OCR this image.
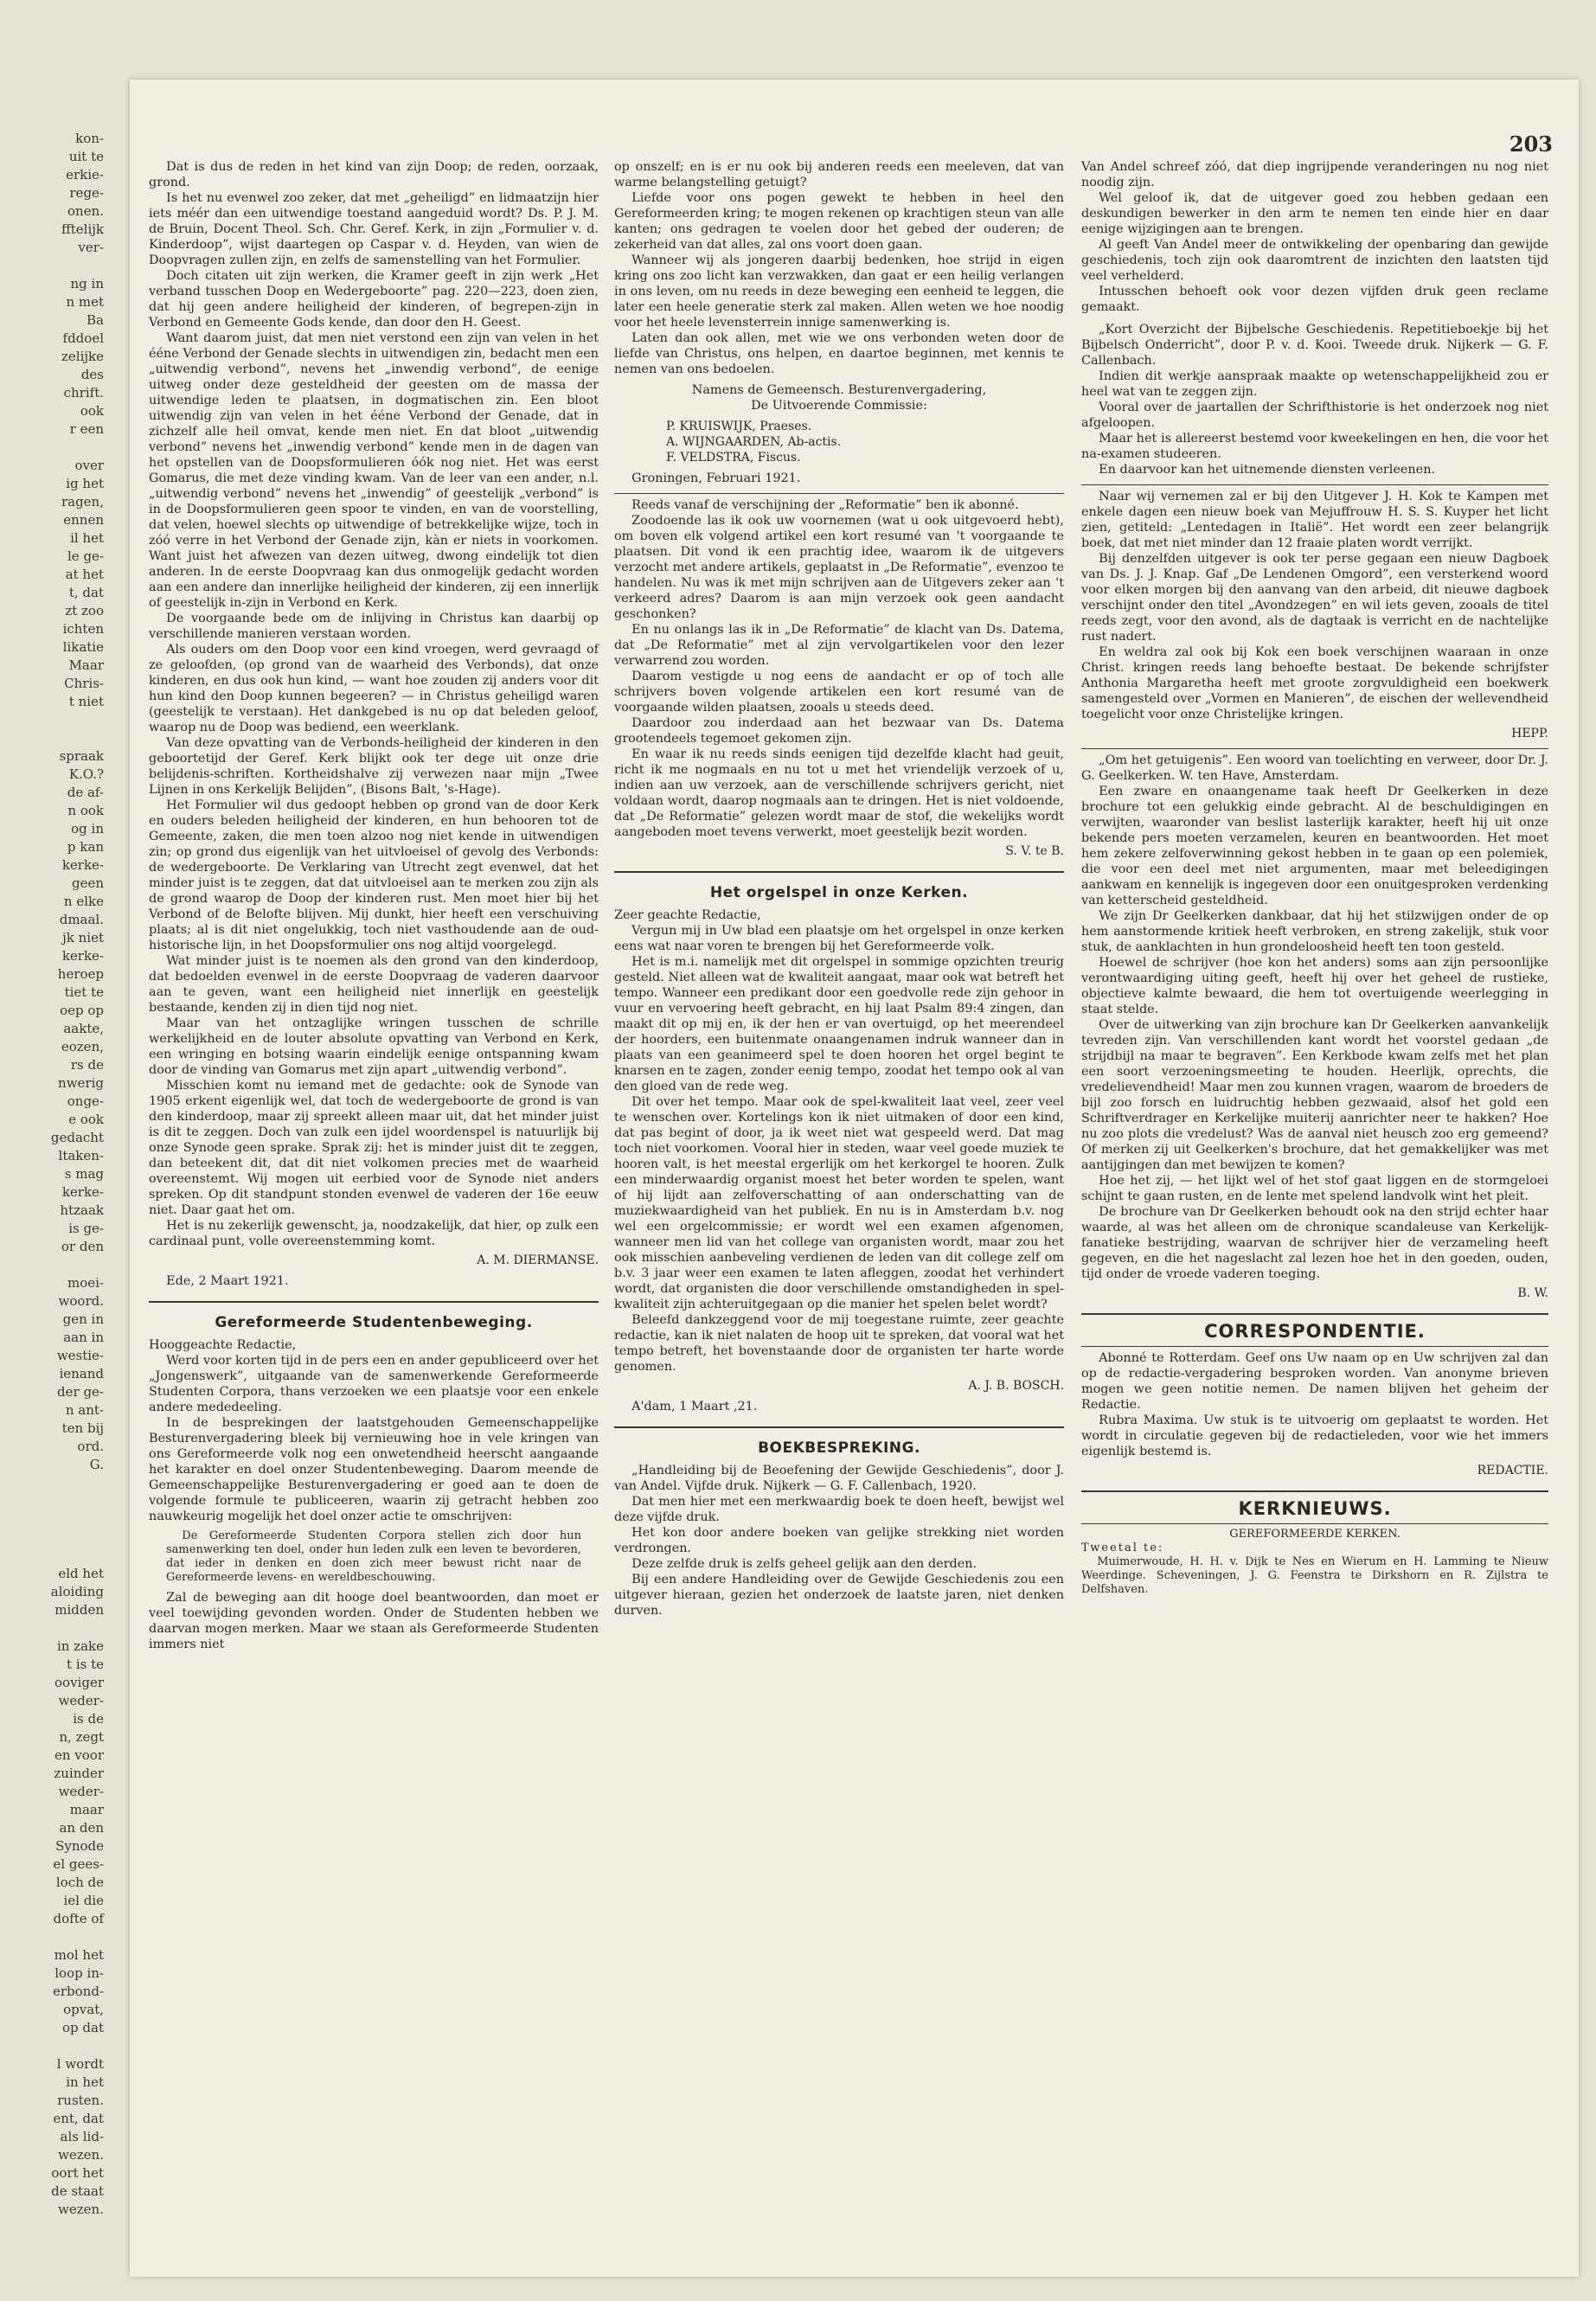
203

Dat is dus de reden in het kind van zijn Doop; de reden, oorzaak, grond.

Is het nu evenwel zoo zeker, dat met „geheiligd” en lidmaatzijn hier iets méér dan een uitwendige toestand aangeduid wordt? Ds. P. J. M. de Bruin, Docent Theol. Sch. Chr. Geref. Kerk, in zijn „Formulier v. d. Kinderdoop”, wijst daartegen op Caspar v. d. Heyden, van wien de Doopvragen zullen zijn, en zelfs de samenstelling van het Formulier.

Doch citaten uit zijn werken, die Kramer geeft in zijn werk „Het verband tusschen Doop en Wedergeboorte” pag. 220—223, doen zien, dat hij geen andere heiligheid der kinderen, of begrepen-zijn in Verbond en Gemeente Gods kende, dan door den H. Geest.

Want daarom juist, dat men niet verstond een zijn van velen in het ééne Verbond der Genade slechts in uitwendigen zin, bedacht men een „uitwendig verbond”, nevens het „inwendig verbond”, de eenige uitweg onder deze gesteldheid der geesten om de massa der uitwendige leden te plaatsen, in dogmatischen zin. Een bloot uitwendig zijn van velen in het ééne Verbond der Genade, dat in zichzelf alle heil omvat, kende men niet. En dat bloot „uitwendig verbond” nevens het „inwendig verbond” kende men in de dagen van het opstellen van de Doopsformulieren óók nog niet. Het was eerst Gomarus, die met deze vinding kwam. Van de leer van een ander, n.l. „uitwendig verbond” nevens het „inwendig” of geestelijk „verbond” is in de Doopsformulieren geen spoor te vinden, en van de voorstelling, dat velen, hoewel slechts op uitwendige of betrekkelijke wijze, toch in zóó verre in het Verbond der Genade zijn, kàn er niets in voorkomen. Want juist het afwezen van dezen uitweg, dwong eindelijk tot dien anderen. In de eerste Doopvraag kan dus onmogelijk gedacht worden aan een andere dan innerlijke heiligheid der kinderen, zij een innerlijk of geestelijk in-zijn in Verbond en Kerk.

De voorgaande bede om de inlijving in Christus kan daarbij op verschillende manieren verstaan worden.

Als ouders om den Doop voor een kind vroegen, werd gevraagd of ze geloofden, (op grond van de waarheid des Verbonds), dat onze kinderen, en dus ook hun kind, — want hoe zouden zij anders voor dit hun kind den Doop kunnen begeeren? — in Christus geheiligd waren (geestelijk te verstaan). Het dankgebed is nu op dat beleden geloof, waarop nu de Doop was bediend, een weerklank.

Van deze opvatting van de Verbonds-heiligheid der kinderen in den geboortetijd der Geref. Kerk blijkt ook ter dege uit onze drie belijdenis-schriften. Kortheidshalve zij verwezen naar mijn „Twee Lijnen in ons Kerkelijk Belijden”, (Bisons Balt, 's-Hage).

Het Formulier wil dus gedoopt hebben op grond van de door Kerk en ouders beleden heiligheid der kinderen, en hun behooren tot de Gemeente, zaken, die men toen alzoo nog niet kende in uitwendigen zin; op grond dus eigenlijk van het uitvloeisel of gevolg des Verbonds: de wedergeboorte. De Verklaring van Utrecht zegt evenwel, dat het minder juist is te zeggen, dat dat uitvloeisel aan te merken zou zijn als de grond waarop de Doop der kinderen rust. Men moet hier bij het Verbond of de Belofte blijven. Mij dunkt, hier heeft een verschuiving plaats; al is dit niet ongelukkig, toch niet vasthoudende aan de oud-historische lijn, in het Doopsformulier ons nog altijd voorgelegd.

Wat minder juist is te noemen als den grond van den kinderdoop, dat bedoelden evenwel in de eerste Doopvraag de vaderen daarvoor aan te geven, want een heiligheid niet innerlijk en geestelijk bestaande, kenden zij in dien tijd nog niet.

Maar van het ontzaglijke wringen tusschen de schrille werkelijkheid en de louter absolute opvatting van Verbond en Kerk, een wringing en botsing waarin eindelijk eenige ontspanning kwam door de vinding van Gomarus met zijn apart „uitwendig verbond”.

Misschien komt nu iemand met de gedachte: ook de Synode van 1905 erkent eigenlijk wel, dat toch de wedergeboorte de grond is van den kinderdoop, maar zij spreekt alleen maar uit, dat het minder juist is dit te zeggen. Doch van zulk een ijdel woordenspel is natuurlijk bij onze Synode geen sprake. Sprak zij: het is minder juist dit te zeggen, dan beteekent dit, dat dit niet volkomen precies met de waarheid overeenstemt. Wij mogen uit eerbied voor de Synode niet anders spreken. Op dit standpunt stonden evenwel de vaderen der 16e eeuw niet. Daar gaat het om.

Het is nu zekerlijk gewenscht, ja, noodzakelijk, dat hier, op zulk een cardinaal punt, volle overeenstemming komt.

A. M. DIERMANSE.

Ede, 2 Maart 1921.

Gereformeerde Studentenbeweging.

Hooggeachte Redactie,

Werd voor korten tijd in de pers een en ander gepubliceerd over het „Jongenswerk”, uitgaande van de samenwerkende Gereformeerde Studenten Corpora, thans verzoeken we een plaatsje voor een enkele andere mededeeling.

In de besprekingen der laatstgehouden Gemeenschappelijke Besturenvergadering bleek bij vernieuwing hoe in vele kringen van ons Gereformeerde volk nog een onwetendheid heerscht aangaande het karakter en doel onzer Studentenbeweging. Daarom meende de Gemeenschappelijke Besturenvergadering er goed aan te doen de volgende formule te publiceeren, waarin zij getracht hebben zoo nauwkeurig mogelijk het doel onzer actie te omschrijven:

De Gereformeerde Studenten Corpora stellen zich door hun samenwerking ten doel, onder hun leden zulk een leven te bevorderen, dat ieder in denken en doen zich meer bewust richt naar de Gereformeerde levens- en wereldbeschouwing.

Zal de beweging aan dit hooge doel beantwoorden, dan moet er veel toewijding gevonden worden. Onder de Studenten hebben we daarvan mogen merken. Maar we staan als Gereformeerde Studenten immers niet

op onszelf; en is er nu ook bij anderen reeds een meeleven, dat van warme belangstelling getuigt?

Liefde voor ons pogen gewekt te hebben in heel den Gereformeerden kring; te mogen rekenen op krachtigen steun van alle kanten; ons gedragen te voelen door het gebed der ouderen; de zekerheid van dat alles, zal ons voort doen gaan.

Wanneer wij als jongeren daarbij bedenken, hoe strijd in eigen kring ons zoo licht kan verzwakken, dan gaat er een heilig verlangen in ons leven, om nu reeds in deze beweging een eenheid te leggen, die later een heele generatie sterk zal maken. Allen weten we hoe noodig voor het heele levensterrein innige samenwerking is.

Laten dan ook allen, met wie we ons verbonden weten door de liefde van Christus, ons helpen, en daartoe beginnen, met kennis te nemen van ons bedoelen.

Namens de Gemeensch. Besturenvergadering,
De Uitvoerende Commissie:
P. KRUISWIJK, Praeses.
A. WIJNGAARDEN, Ab-actis.
F. VELDSTRA, Fiscus.

Groningen, Februari 1921.

Reeds vanaf de verschijning der „Reformatie” ben ik abonné.

Zoodoende las ik ook uw voornemen (wat u ook uitgevoerd hebt), om boven elk volgend artikel een kort resumé van 't voorgaande te plaatsen. Dit vond ik een prachtig idee, waarom ik de uitgevers verzocht met andere artikels, geplaatst in „De Reformatie”, evenzoo te handelen. Nu was ik met mijn schrijven aan de Uitgevers zeker aan 't verkeerd adres? Daarom is aan mijn verzoek ook geen aandacht geschonken?

En nu onlangs las ik in „De Reformatie” de klacht van Ds. Datema, dat „De Reformatie” met al zijn vervolgartikelen voor den lezer verwarrend zou worden.

Daarom vestigde u nog eens de aandacht er op of toch alle schrijvers boven volgende artikelen een kort resumé van de voorgaande wilden plaatsen, zooals u steeds deed.

Daardoor zou inderdaad aan het bezwaar van Ds. Datema grootendeels tegemoet gekomen zijn.

En waar ik nu reeds sinds eenigen tijd dezelfde klacht had geuit, richt ik me nogmaals en nu tot u met het vriendelijk verzoek of u, indien aan uw verzoek, aan de verschillende schrijvers gericht, niet voldaan wordt, daarop nogmaals aan te dringen. Het is niet voldoende, dat „De Reformatie” gelezen wordt maar de stof, die wekelijks wordt aangeboden moet tevens verwerkt, moet geestelijk bezit worden.

S. V. te B.
Het orgelspel in onze Kerken.

Zeer geachte Redactie,

Vergun mij in Uw blad een plaatsje om het orgelspel in onze kerken eens wat naar voren te brengen bij het Gereformeerde volk.

Het is m.i. namelijk met dit orgelspel in sommige opzichten treurig gesteld. Niet alleen wat de kwaliteit aangaat, maar ook wat betreft het tempo. Wanneer een predikant door een goedvolle rede zijn gehoor in vuur en vervoering heeft gebracht, en hij laat Psalm 89:4 zingen, dan maakt dit op mij en, ik der hen er van overtuigd, op het meerendeel der hoorders, een buitenmate onaangenamen indruk wanneer dan in plaats van een geanimeerd spel te doen hooren het orgel begint te knarsen en te zagen, zonder eenig tempo, zoodat het tempo ook al van den gloed van de rede weg.

Dit over het tempo. Maar ook de spel-kwaliteit laat veel, zeer veel te wenschen over. Kortelings kon ik niet uitmaken of door een kind, dat pas begint of door, ja ik weet niet wat gespeeld werd. Dat mag toch niet voorkomen. Vooral hier in steden, waar veel goede muziek te hooren valt, is het meestal ergerlijk om het kerkorgel te hooren. Zulk een minderwaardig organist moest het beter worden te spelen, want of hij lijdt aan zelfoverschatting of aan onderschatting van de muziekwaardigheid van het publiek. En nu is in Amsterdam b.v. nog wel een orgelcommissie; er wordt wel een examen afgenomen, wanneer men lid van het college van organisten wordt, maar zou het ook misschien aanbeveling verdienen de leden van dit college zelf om b.v. 3 jaar weer een examen te laten afleggen, zoodat het verhindert wordt, dat organisten die door verschillende omstandigheden in spel-kwaliteit zijn achteruitgegaan op die manier het spelen belet wordt?

Beleefd dankzeggend voor de mij toegestane ruimte, zeer geachte redactie, kan ik niet nalaten de hoop uit te spreken, dat vooral wat het tempo betreft, het bovenstaande door de organisten ter harte worde genomen.

A. J. B. BOSCH.

A'dam, 1 Maart ,21.

BOEKBESPREKING.

„Handleiding bij de Beoefening der Gewijde Geschiedenis”, door J. van Andel. Vijfde druk. Nijkerk — G. F. Callenbach, 1920.

Dat men hier met een merkwaardig boek te doen heeft, bewijst wel deze vijfde druk.

Het kon door andere boeken van gelijke strekking niet worden verdrongen.

Deze zelfde druk is zelfs geheel gelijk aan den derden.

Bij een andere Handleiding over de Gewijde Geschiedenis zou een uitgever hieraan, gezien het onderzoek de laatste jaren, niet denken durven.

Van Andel schreef zóó, dat diep ingrijpende veranderingen nu nog niet noodig zijn.

Wel geloof ik, dat de uitgever goed zou hebben gedaan een deskundigen bewerker in den arm te nemen ten einde hier en daar eenige wijzigingen aan te brengen.

Al geeft Van Andel meer de ontwikkeling der openbaring dan gewijde geschiedenis, toch zijn ook daaromtrent de inzichten den laatsten tijd veel verhelderd.

Intusschen behoeft ook voor dezen vijfden druk geen reclame gemaakt.

„Kort Overzicht der Bijbelsche Geschiedenis. Repetitieboekje bij het Bijbelsch Onderricht”, door P. v. d. Kooi. Tweede druk. Nijkerk — G. F. Callenbach.

Indien dit werkje aanspraak maakte op wetenschappelijkheid zou er heel wat van te zeggen zijn.

Vooral over de jaartallen der Schrifthistorie is het onderzoek nog niet afgeloopen.

Maar het is allereerst bestemd voor kweekelingen en hen, die voor het na-examen studeeren.

En daarvoor kan het uitnemende diensten verleenen.

Naar wij vernemen zal er bij den Uitgever J. H. Kok te Kampen met enkele dagen een nieuw boek van Mejuffrouw H. S. S. Kuyper het licht zien, getiteld: „Lentedagen in Italië”. Het wordt een zeer belangrijk boek, dat met niet minder dan 12 fraaie platen wordt verrijkt.

Bij denzelfden uitgever is ook ter perse gegaan een nieuw Dagboek van Ds. J. J. Knap. Gaf „De Lendenen Omgord”, een versterkend woord voor elken morgen bij den aanvang van den arbeid, dit nieuwe dagboek verschijnt onder den titel „Avondzegen” en wil iets geven, zooals de titel reeds zegt, voor den avond, als de dagtaak is verricht en de nachtelijke rust nadert.

En weldra zal ook bij Kok een boek verschijnen waaraan in onze Christ. kringen reeds lang behoefte bestaat. De bekende schrijfster Anthonia Margaretha heeft met groote zorgvuldigheid een boekwerk samengesteld over „Vormen en Manieren”, de eischen der wellevendheid toegelicht voor onze Christelijke kringen.

HEPP.

„Om het getuigenis”. Een woord van toelichting en verweer, door Dr. J. G. Geelkerken. W. ten Have, Amsterdam.

Een zware en onaangename taak heeft Dr Geelkerken in deze brochure tot een gelukkig einde gebracht. Al de beschuldigingen en verwijten, waaronder van beslist lasterlijk karakter, heeft hij uit onze bekende pers moeten verzamelen, keuren en beantwoorden. Het moet hem zekere zelfoverwinning gekost hebben in te gaan op een polemiek, die voor een deel met niet argumenten, maar met beleedigingen aankwam en kennelijk is ingegeven door een onuitgesproken verdenking van ketterscheid gesteldheid.

We zijn Dr Geelkerken dankbaar, dat hij het stilzwijgen onder de op hem aanstormende kritiek heeft verbroken, en streng zakelijk, stuk voor stuk, de aanklachten in hun grondeloosheid heeft ten toon gesteld.

Hoewel de schrijver (hoe kon het anders) soms aan zijn persoonlijke verontwaardiging uiting geeft, heeft hij over het geheel de rustieke, objectieve kalmte bewaard, die hem tot overtuigende weerlegging in staat stelde.

Over de uitwerking van zijn brochure kan Dr Geelkerken aanvankelijk tevreden zijn. Van verschillenden kant wordt het voorstel gedaan „de strijdbijl na maar te begraven”. Een Kerkbode kwam zelfs met het plan een soort verzoeningsmeeting te houden. Heerlijk, oprechts, die vredelievendheid! Maar men zou kunnen vragen, waarom de broeders de bijl zoo forsch en luidruchtig hebben gezwaaid, alsof het gold een Schriftverdrager en Kerkelijke muiterij aanrichter neer te hakken? Hoe nu zoo plots die vredelust? Was de aanval niet heusch zoo erg gemeend? Of merken zij uit Geelkerken's brochure, dat het gemakkelijker was met aantijgingen dan met bewijzen te komen?

Hoe het zij, — het lijkt wel of het stof gaat liggen en de stormgeloei schijnt te gaan rusten, en de lente met spelend landvolk wint het pleit.

De brochure van Dr Geelkerken behoudt ook na den strijd echter haar waarde, al was het alleen om de chronique scandaleuse van Kerkelijk-fanatieke bestrijding, waarvan de schrijver hier de verzameling heeft gegeven, en die het nageslacht zal lezen hoe het in den goeden, ouden, tijd onder de vroede vaderen toeging.

B. W.
CORRESPONDENTIE.

Abonné te Rotterdam. Geef ons Uw naam op en Uw schrijven zal dan op de redactie-vergadering besproken worden. Van anonyme brieven mogen we geen notitie nemen. De namen blijven het geheim der Redactie.

Rubra Maxima. Uw stuk is te uitvoerig om geplaatst te worden. Het wordt in circulatie gegeven bij de redactieleden, voor wie het immers eigenlijk bestemd is.

REDACTIE.
KERKNIEUWS.
GEREFORMEERDE KERKEN.

Tweetal te:

Muimerwoude, H. H. v. Dijk te Nes en Wierum en H. Lamming te Nieuw Weerdinge. Scheveningen, J. G. Feenstra te Dirkshorn en R. Zijlstra te Delfshaven.

kon-
uit te
erkie-
rege-
onen.
fftelijk
ver-

ng in
n met
Ba
fddoel
zelijke
des
chrift.
ook
r een

over
ig het
ragen,
ennen
il het
le ge-
at het
t, dat
zt zoo
ichten
likatie
Maar
Chris-
t niet

spraak
K.O.?
de af-
n ook
og in
p kan
kerke-
geen
n elke
dmaal.
jk niet
kerke-
heroep
tiet te
oep op
aakte,
eozen,
rs de
nwerig
onge-
e ook
gedacht
ltaken-
s mag
kerke-
htzaak
is ge-
or den

moei-
woord.
gen in
aan in
westie-
ienand
der ge-
n ant-
ten bij
ord.
G.

eld het
aloiding
midden

in zake
t is te
ooviger
weder-
is de
n, zegt
en voor
zuinder
weder-
maar
an den
Synode
el gees-
loch de
iel die
dofte of

mol het
loop in-
erbond-
opvat,
op dat

l wordt
in het
rusten.
ent, dat
als lid-
wezen.
oort het
de staat
wezen.
